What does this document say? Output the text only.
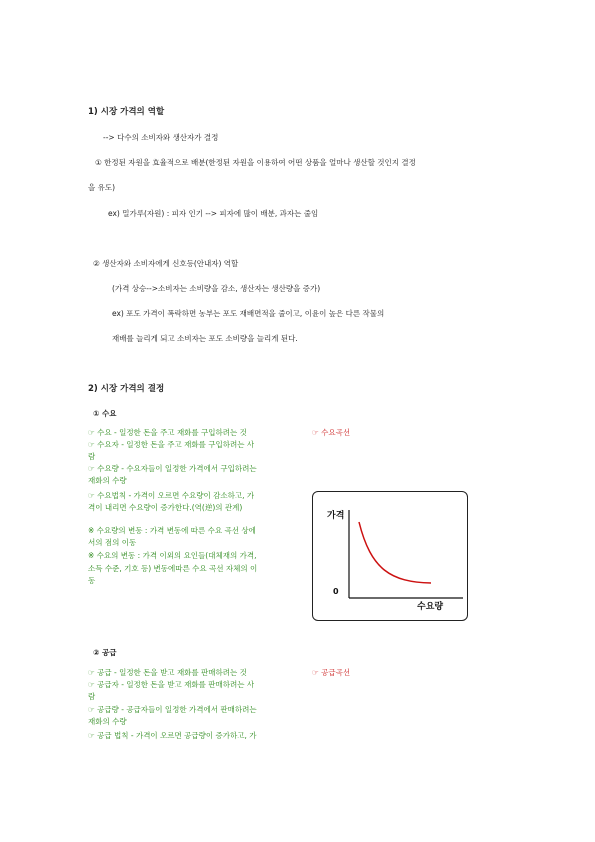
1) 시장 가격의 역할
--> 다수의 소비자와 생산자가 결정
① 한정된 자원을 효율적으로 배분(한정된 자원을 이용하여 어떤 상품을 얼마나 생산할 것인지 결정
을 유도)
ex) 밀가루(자원) : 피자 인기 --> 피자에 많이 배분, 과자는 줄임
② 생산자와 소비자에게 신호등(안내자) 역할
(가격 상승-->소비자는 소비량을 감소, 생산자는 생산량을 증가)
ex) 포도 가격이 폭락하면 농부는 포도 재배면적을 줄이고, 이윤이 높은 다른 작물의
재배를 늘리게 되고 소비자는 포도 소비량을 늘리게 된다.
2) 시장 가격의 결정
① 수요
☞ 수요 - 일정한 돈을 주고 재화를 구입하려는 것	☞ 수요곡선
☞ 수요자 - 일정한 돈을 주고 재화를 구입하려는 사
람
☞ 수요량 - 수요자들이 일정한 가격에서 구입하려는
재화의 수량
☞ 수요법칙 - 가격이 오르면 수요량이 감소하고, 가
격이 내리면 수요량이 증가한다.(역(逆)의 관계)
※ 수요량의 변동 : 가격 변동에 따른 수요 곡선 상에
서의 점의 이동
※ 수요의 변동 : 가격 이외의 요인들(대체재의 가격,
소득 수준, 기호 등) 변동에따른 수요 곡선 자체의 이
동
가격
0
수요량
② 공급
☞ 공급 - 일정한 돈을 받고 재화를 판매하려는 것	☞ 공급곡선
☞ 공급자 - 일정한 돈을 받고 재화를 판매하려는 사
람
☞ 공급량 - 공급자들이 일정한 가격에서 판매하려는
재화의 수량
☞ 공급 법칙 - 가격이 오르면 공급량이 증가하고, 가
